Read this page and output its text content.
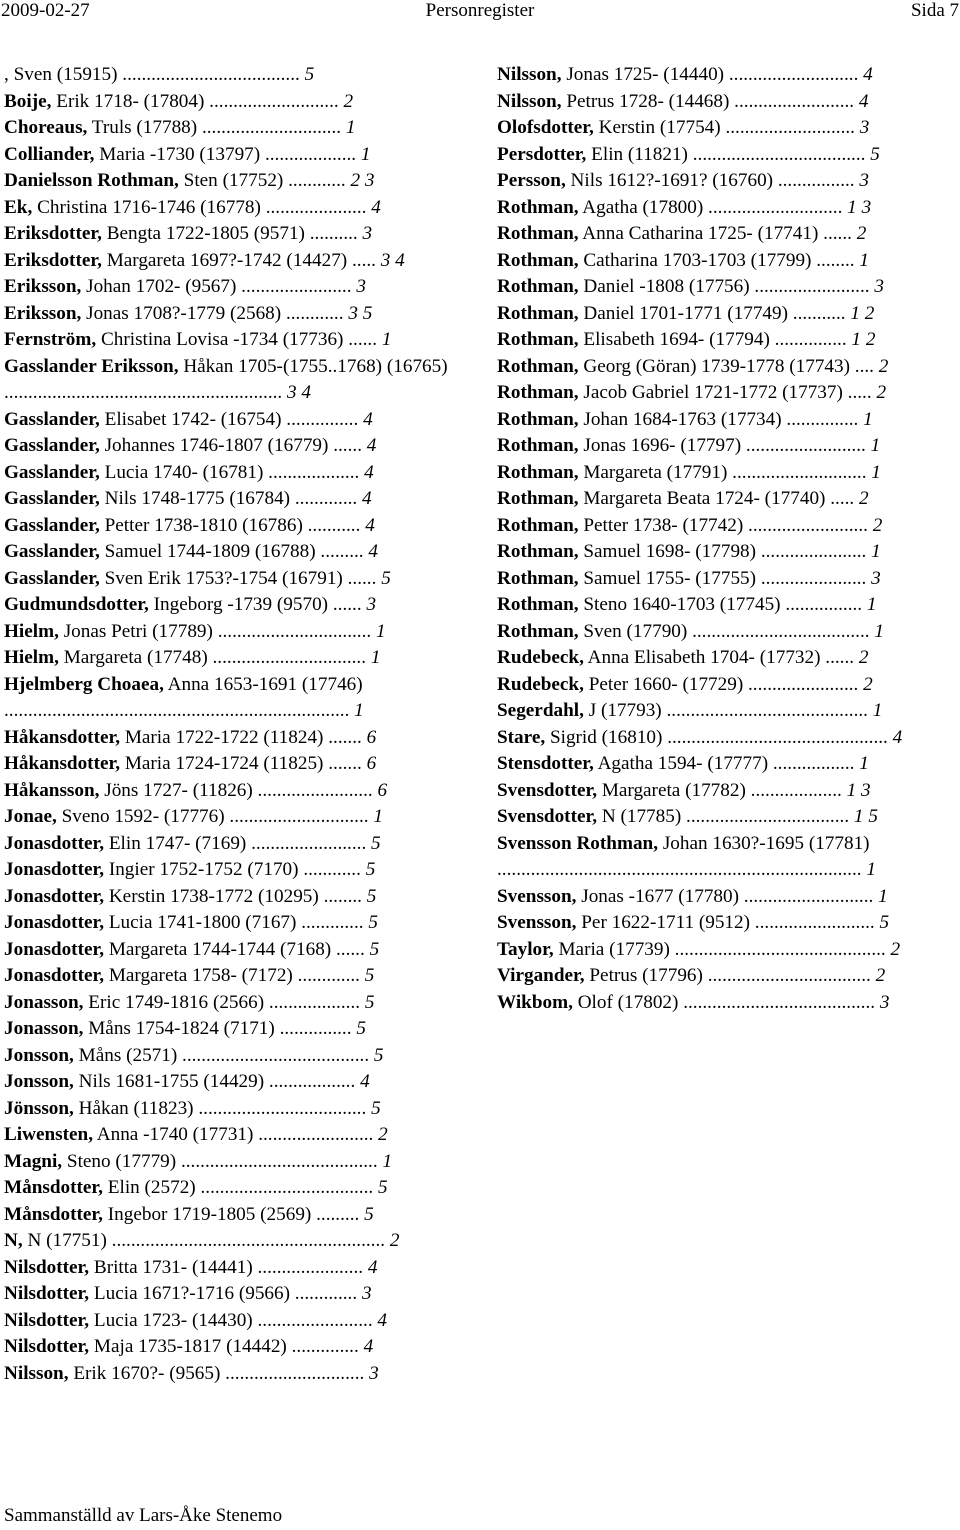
2009-02-27	Personregister	Sida 7
, Sven (15915) ..................................... 5
Boije, Erik 1718- (17804) ........................... 2
Choreaus, Truls (17788) ............................. 1
Colliander, Maria -1730 (13797) ................... 1
Danielsson Rothman, Sten (17752) ............ 2 3
Ek, Christina 1716-1746 (16778) ..................... 4
Eriksdotter, Bengta 1722-1805 (9571) .......... 3
Eriksdotter, Margareta 1697?-1742 (14427) ..... 3 4
Eriksson, Johan 1702- (9567) ....................... 3
Eriksson, Jonas 1708?-1779 (2568) ............ 3 5
Fernström, Christina Lovisa -1734 (17736) ...... 1
Gasslander Eriksson, Håkan 1705-(1755..1768) (16765) .......................................................... 3 4
Gasslander, Elisabet 1742- (16754) ............... 4
Gasslander, Johannes 1746-1807 (16779) ...... 4
Gasslander, Lucia 1740- (16781) ................... 4
Gasslander, Nils 1748-1775 (16784) ............. 4
Gasslander, Petter 1738-1810 (16786) ........... 4
Gasslander, Samuel 1744-1809 (16788) ......... 4
Gasslander, Sven Erik 1753?-1754 (16791) ...... 5
Gudmundsdotter, Ingeborg -1739 (9570) ...... 3
Hielm, Jonas Petri (17789) ................................ 1
Hielm, Margareta (17748) ................................ 1
Hjelmberg Choaea, Anna 1653-1691 (17746) ........................................................................ 1
Håkansdotter, Maria 1722-1722 (11824) ....... 6
Håkansdotter, Maria 1724-1724 (11825) ....... 6
Håkansson, Jöns 1727- (11826) ........................ 6
Jonae, Sveno 1592- (17776) ............................. 1
Jonasdotter, Elin 1747- (7169) ........................ 5
Jonasdotter, Ingier 1752-1752 (7170) ............ 5
Jonasdotter, Kerstin 1738-1772 (10295) ........ 5
Jonasdotter, Lucia 1741-1800 (7167) ............. 5
Jonasdotter, Margareta 1744-1744 (7168) ...... 5
Jonasdotter, Margareta 1758- (7172) ............. 5
Jonasson, Eric 1749-1816 (2566) ................... 5
Jonasson, Måns 1754-1824 (7171) ............... 5
Jonsson, Måns (2571) ....................................... 5
Jonsson, Nils 1681-1755 (14429) .................. 4
Jönsson, Håkan (11823) ................................... 5
Liwensten, Anna -1740 (17731) ........................ 2
Magni, Steno (17779) ......................................... 1
Månsdotter, Elin (2572) .................................... 5
Månsdotter, Ingebor 1719-1805 (2569) ......... 5
N, N (17751) ......................................................... 2
Nilsdotter, Britta 1731- (14441) ...................... 4
Nilsdotter, Lucia 1671?-1716 (9566) ............. 3
Nilsdotter, Lucia 1723- (14430) ........................ 4
Nilsdotter, Maja 1735-1817 (14442) .............. 4
Nilsson, Erik 1670?- (9565) ............................. 3
Nilsson, Jonas 1725- (14440) ........................... 4
Nilsson, Petrus 1728- (14468) ......................... 4
Olofsdotter, Kerstin (17754) ........................... 3
Persdotter, Elin (11821) .................................... 5
Persson, Nils 1612?-1691? (16760) ................ 3
Rothman, Agatha (17800) ............................ 1 3
Rothman, Anna Catharina 1725- (17741) ...... 2
Rothman, Catharina 1703-1703 (17799) ........ 1
Rothman, Daniel -1808 (17756) ........................ 3
Rothman, Daniel 1701-1771 (17749) ........... 1 2
Rothman, Elisabeth 1694- (17794) ............... 1 2
Rothman, Georg (Göran) 1739-1778 (17743) .... 2
Rothman, Jacob Gabriel 1721-1772 (17737) ..... 2
Rothman, Johan 1684-1763 (17734) ............... 1
Rothman, Jonas 1696- (17797) ......................... 1
Rothman, Margareta (17791) ............................ 1
Rothman, Margareta Beata 1724- (17740) ..... 2
Rothman, Petter 1738- (17742) ......................... 2
Rothman, Samuel 1698- (17798) ...................... 1
Rothman, Samuel 1755- (17755) ...................... 3
Rothman, Steno 1640-1703 (17745) ................ 1
Rothman, Sven (17790) ..................................... 1
Rudebeck, Anna Elisabeth 1704- (17732) ...... 2
Rudebeck, Peter 1660- (17729) ....................... 2
Segerdahl, J (17793) .......................................... 1
Stare, Sigrid (16810) .............................................. 4
Stensdotter, Agatha 1594- (17777) ................. 1
Svensdotter, Margareta (17782) ................... 1 3
Svensdotter, N (17785) .................................. 1 5
Svensson Rothman, Johan 1630?-1695 (17781) ............................................................................ 1
Svensson, Jonas -1677 (17780) ........................... 1
Svensson, Per 1622-1711 (9512) ......................... 5
Taylor, Maria (17739) ............................................ 2
Virgander, Petrus (17796) .................................. 2
Wikbom, Olof (17802) ........................................ 3
Sammanställd av Lars-Åke Stenemo
